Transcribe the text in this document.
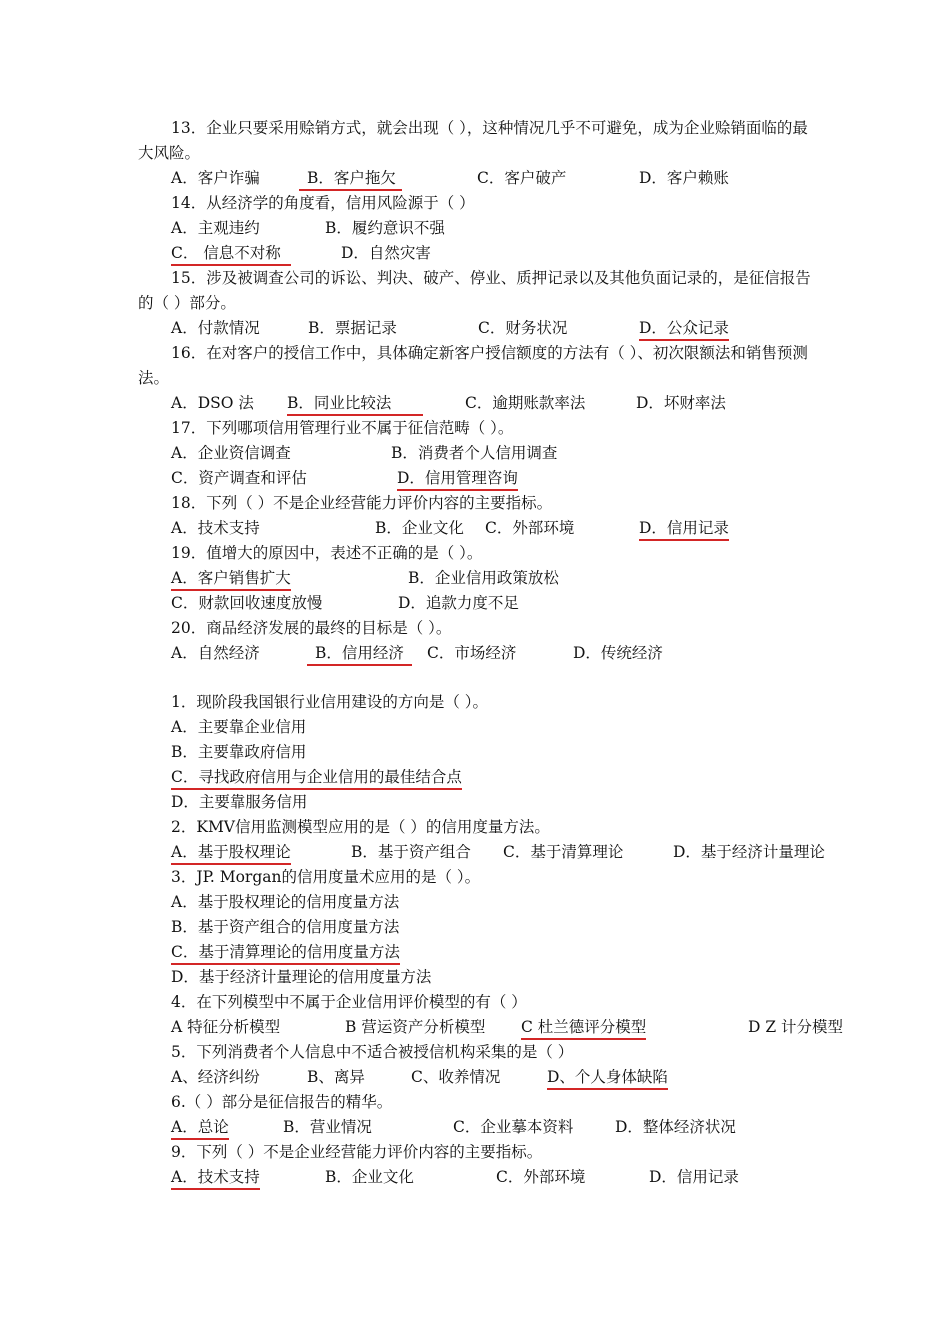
13．企业只要采用赊销方式，就会出现（ ），这种情况几乎不可避免，成为企业赊销面临的最
大风险。
A．客户诈骗	B．客户拖欠	C．客户破产	D．客户赖账
14．从经济学的角度看，信用风险源于（ ）
A．主观违约	B．履约意识不强
C． 信息不对称	D．自然灾害
15．涉及被调查公司的诉讼、判决、破产、停业、质押记录以及其他负面记录的，是征信报告
的（ ）部分。
A．付款情况	B．票据记录	C．财务状况	D．公众记录
16．在对客户的授信工作中，具体确定新客户授信额度的方法有（ ）、初次限额法和销售预测
法。
A．DSO 法 B．同业比较法	C．逾期账款率法	D．坏财率法
17．下列哪项信用管理行业不属于征信范畴（ ）。
A．企业资信调查	B．消费者个人信用调查
C．资产调查和评估	D．信用管理咨询
18．下列（ ）不是企业经营能力评价内容的主要指标。
A．技术支持	B．企业文化 C．外部环境	D．信用记录
19．值增大的原因中，表述不正确的是（ ）。
A．客户销售扩大	B．企业信用政策放松
C．财款回收速度放慢	D．追款力度不足
20．商品经济发展的最终的目标是（ ）。
A．自然经济	B．信用经济	C．市场经济	D．传统经济
1．现阶段我国银行业信用建设的方向是（ ）。
A．主要靠企业信用
B．主要靠政府信用
C．寻找政府信用与企业信用的最佳结合点
D．主要靠服务信用
2．KMV信用监测模型应用的是（ ）的信用度量方法。
A．基于股权理论	B．基于资产组合 C．基于清算理论	D．基于经济计量理论
3．JP. Morgan的信用度量术应用的是（ ）。
A．基于股权理论的信用度量方法
B．基于资产组合的信用度量方法
C．基于清算理论的信用度量方法
D．基于经济计量理论的信用度量方法
4．在下列模型中不属于企业信用评价模型的有（ ）
A 特征分析模型	B 营运资产分析模型 C 杜兰德评分模型	D Z 计分模型
5．下列消费者个人信息中不适合被授信机构采集的是（ ）
A、经济纠纷	B、离异	C、收养情况	D、个人身体缺陷
6.（ ）部分是征信报告的精华。
A．总论	B．营业情况	C．企业摹本资料	D．整体经济状况
9．下列（ ）不是企业经营能力评价内容的主要指标。
A．技术支持	B．企业文化	C．外部环境	D．信用记录
